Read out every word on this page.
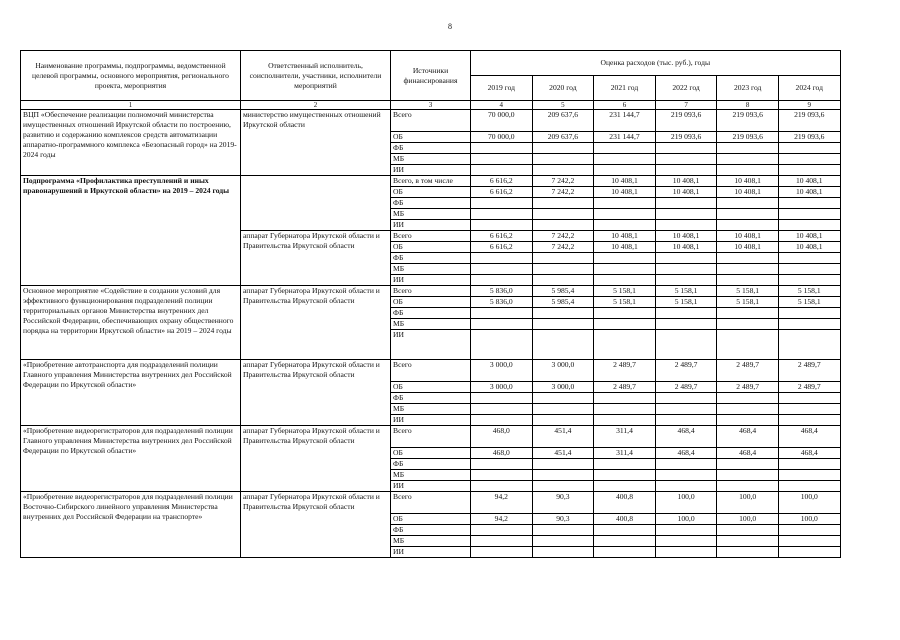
8
Наименование программы, подпрограммы, ведомственной целевой программы, основного мероприятия, регионального проекта, мероприятия	Ответственный исполнитель, соисполнители, участники, исполнители мероприятий	Источники финансирования	Оценка расходов (тыс. руб.), годы					
			2019 год	2020 год	2021 год	2022 год	2023 год	2024 год
1	2	3	4	5	6	7	8	9
ВЦП «Обеспечение реализации полномочий министерства имущественных отношений Иркутской области по построению, развитию и содержанию комплексов средств автоматизации аппаратно-программного комплекса «Безопасный город» на 2019-2024 годы	министерство имущественных отношений Иркутской области	Всего	70 000,0	209 637,6	231 144,7	219 093,6	219 093,6	219 093,6
		ОБ	70 000,0	209 637,6	231 144,7	219 093,6	219 093,6	219 093,6
		ФБ						
		МБ						
		ИИ						
Подпрограмма «Профилактика преступлений и иных правонарушений в Иркутской области» на 2019 – 2024 годы		Всего, в том числе	6 616,2	7 242,2	10 408,1	10 408,1	10 408,1	10 408,1
		ОБ	6 616,2	7 242,2	10 408,1	10 408,1	10 408,1	10 408,1
		ФБ						
		МБ						
		ИИ						
	аппарат Губернатора Иркутской области и Правительства Иркутской области	Всего	6 616,2	7 242,2	10 408,1	10 408,1	10 408,1	10 408,1
		ОБ	6 616,2	7 242,2	10 408,1	10 408,1	10 408,1	10 408,1
		ФБ						
		МБ						
		ИИ						
Основное мероприятие «Содействие в создании условий для эффективного функционирования подразделений полиции территориальных органов Министерства внутренних дел Российской Федерации, обеспечивающих охрану общественного порядка на территории Иркутской области» на 2019 – 2024 годы	аппарат Губернатора Иркутской области и Правительства Иркутской области	Всего	5 836,0	5 985,4	5 158,1	5 158,1	5 158,1	5 158,1
		ОБ	5 836,0	5 985,4	5 158,1	5 158,1	5 158,1	5 158,1
		ФБ						
		МБ						
		ИИ						
«Приобретение автотранспорта для подразделений полиции Главного управления Министерства внутренних дел Российской Федерации по Иркутской области»	аппарат Губернатора Иркутской области и Правительства Иркутской области	Всего	3 000,0	3 000,0	2 489,7	2 489,7	2 489,7	2 489,7
		ОБ	3 000,0	3 000,0	2 489,7	2 489,7	2 489,7	2 489,7
		ФБ						
		МБ						
		ИИ						
«Приобретение видеорегистраторов для подразделений полиции Главного управления Министерства внутренних дел Российской Федерации по Иркутской области»	аппарат Губернатора Иркутской области и Правительства Иркутской области	Всего	468,0	451,4	311,4	468,4	468,4	468,4
		ОБ	468,0	451,4	311,4	468,4	468,4	468,4
		ФБ						
		МБ						
		ИИ						
«Приобретение видеорегистраторов для подразделений полиции Восточно-Сибирского линейного управления Министерства внутренних дел Российской Федерации на транспорте»	аппарат Губернатора Иркутской области и Правительства Иркутской области	Всего	94,2	90,3	400,8	100,0	100,0	100,0
		ОБ	94,2	90,3	400,8	100,0	100,0	100,0
		ФБ						
		МБ						
		ИИ						
